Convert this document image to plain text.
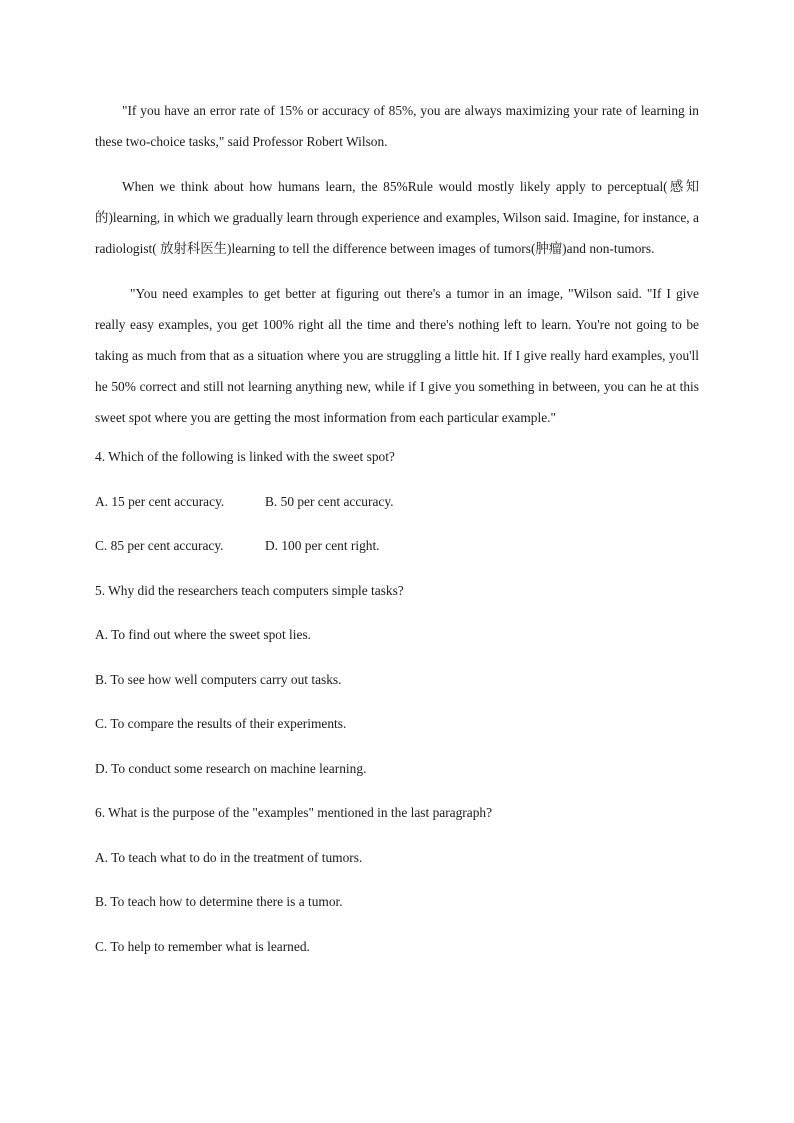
"If you have an error rate of 15% or accuracy of 85%, you are always maximizing your rate of learning in these two-choice tasks," said Professor Robert Wilson.

When we think about how humans learn, the 85%Rule would mostly likely apply to perceptual(感知的)learning, in which we gradually learn through experience and examples, Wilson said. Imagine, for instance, a radiologist( 放射科医生)learning to tell the difference between images of tumors(肿瘤)and non-tumors.

"You need examples to get better at figuring out there's a tumor in an image, "Wilson said. "If I give really easy examples, you get 100% right all the time and there's nothing left to learn. You're not going to be taking as much from that as a situation where you are struggling a little hit. If I give really hard examples, you'll he 50% correct and still not learning anything new, while if I give you something in between, you can he at this sweet spot where you are getting the most information from each particular example."

4. Which of the following is linked with the sweet spot?

A. 15 per cent accuracy.	B. 50 per cent accuracy.

C. 85 per cent accuracy.	D. 100 per cent right.

5. Why did the researchers teach computers simple tasks?

A. To find out where the sweet spot lies.

B. To see how well computers carry out tasks.

C. To compare the results of their experiments.

D. To conduct some research on machine learning.

6. What is the purpose of the "examples" mentioned in the last paragraph?

A. To teach what to do in the treatment of tumors.

B. To teach how to determine there is a tumor.

C. To help to remember what is learned.
